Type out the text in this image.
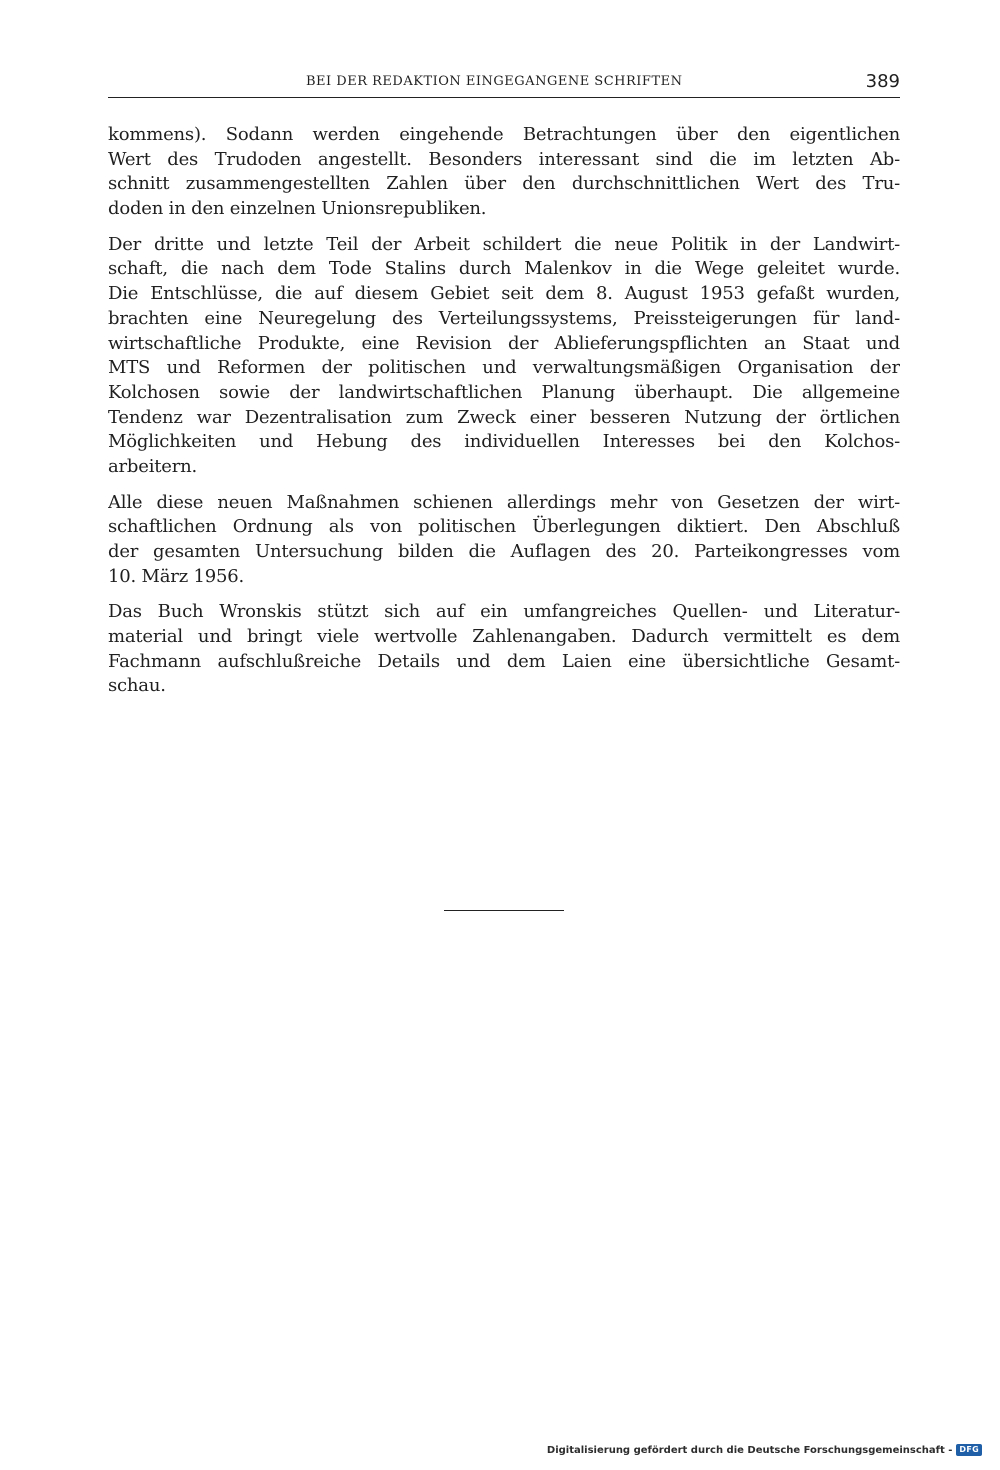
BEI DER REDAKTION EINGEGANGENE SCHRIFTEN	389
kommens). Sodann werden eingehende Betrachtungen über den eigentlichen
Wert des Trudoden angestellt. Besonders interessant sind die im letzten Ab-
schnitt zusammengestellten Zahlen über den durchschnittlichen Wert des Tru-
doden in den einzelnen Unionsrepubliken.
Der dritte und letzte Teil der Arbeit schildert die neue Politik in der Landwirt-
schaft, die nach dem Tode Stalins durch Malenkov in die Wege geleitet wurde.
Die Entschlüsse, die auf diesem Gebiet seit dem 8. August 1953 gefaßt wurden,
brachten eine Neuregelung des Verteilungssystems, Preissteigerungen für land-
wirtschaftliche Produkte, eine Revision der Ablieferungspflichten an Staat und
MTS und Reformen der politischen und verwaltungsmäßigen Organisation der
Kolchosen sowie der landwirtschaftlichen Planung überhaupt. Die allgemeine
Tendenz war Dezentralisation zum Zweck einer besseren Nutzung der örtlichen
Möglichkeiten und Hebung des individuellen Interesses bei den Kolchos-
arbeitern.
Alle diese neuen Maßnahmen schienen allerdings mehr von Gesetzen der wirt-
schaftlichen Ordnung als von politischen Überlegungen diktiert. Den Abschluß
der gesamten Untersuchung bilden die Auflagen des 20. Parteikongresses vom
10. März 1956.
Das Buch Wronskis stützt sich auf ein umfangreiches Quellen- und Literatur-
material und bringt viele wertvolle Zahlenangaben. Dadurch vermittelt es dem
Fachmann aufschlußreiche Details und dem Laien eine übersichtliche Gesamt-
schau.
Digitalisierung gefördert durch die Deutsche Forschungsgemeinschaft - DFG
